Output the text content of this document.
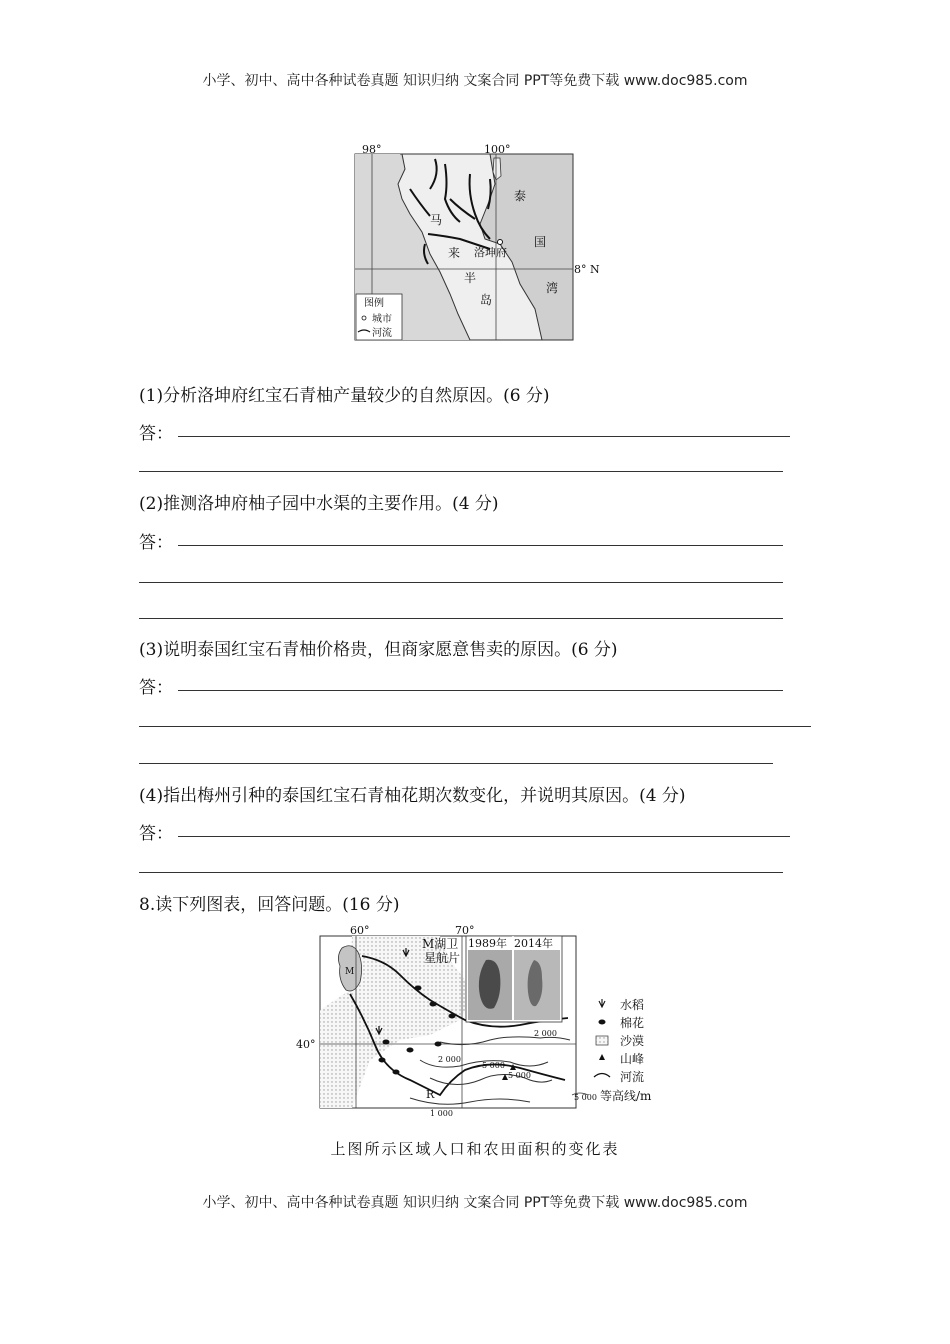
小学、初中、高中各种试卷真题 知识归纳 文案合同 PPT等免费下载 www.doc985.com
98°	100°
8° N
马
来
半
岛
洛坤府
泰
国
湾
图例
城市
河流
(1)分析洛坤府红宝石青柚产量较少的自然原因。(6 分)
答：
(2)推测洛坤府柚子园中水渠的主要作用。(4 分)
答：
(3)说明泰国红宝石青柚价格贵，但商家愿意售卖的原因。(6 分)
答：
(4)指出梅州引种的泰国红宝石青柚花期次数变化，并说明其原因。(4 分)
答：
8.读下列图表，回答问题。(16 分)
60°	70°
40°
M
R
M湖卫
星航片
1989年 2014年
2 000
2 000
5 000
5 000
1 000
水稻
棉花
沙漠
山峰
河流
5 000 等高线/m
上图所示区域人口和农田面积的变化表
小学、初中、高中各种试卷真题 知识归纳 文案合同 PPT等免费下载 www.doc985.com
